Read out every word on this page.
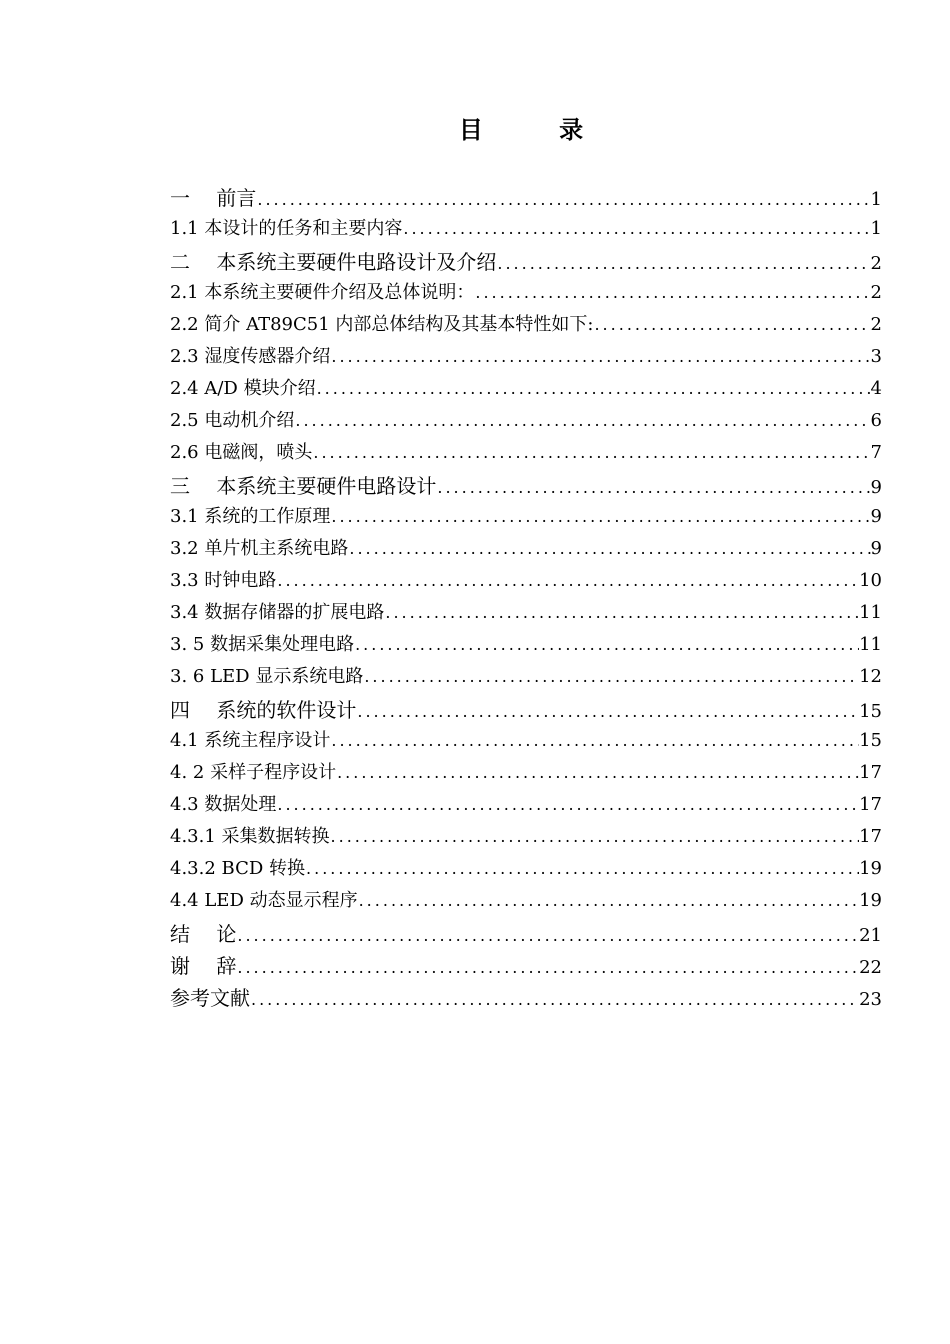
目 录
一　 前言 .....	1
1.1 本设计的任务和主要内容 .....	1
二　 本系统主要硬件电路设计及介绍 .....	2
2.1 本系统主要硬件介绍及总体说明： .....	2
2.2 简介 AT89C51 内部总体结构及其基本特性如下: .....	2
2.3 湿度传感器介绍 .....	3
2.4 A/D 模块介绍 .....	4
2.5 电动机介绍 .....	6
2.6 电磁阀，喷头 .....	7
三　 本系统主要硬件电路设计 .....	9
3.1 系统的工作原理 .....	9
3.2 单片机主系统电路 .....	9
3.3 时钟电路 .....	10
3.4 数据存储器的扩展电路 .....	11
3. 5 数据采集处理电路 .....	11
3. 6 LED 显示系统电路 .....	12
四　 系统的软件设计 .....	15
4.1 系统主程序设计 .....	15
4. 2 采样子程序设计 .....	17
4.3 数据处理 .....	17
4.3.1 采集数据转换 .....	17
4.3.2 BCD 转换 .....	19
4.4 LED 动态显示程序 .....	19
结　 论 .....	21
谢　 辞 .....	22
参考文献 .....	23
